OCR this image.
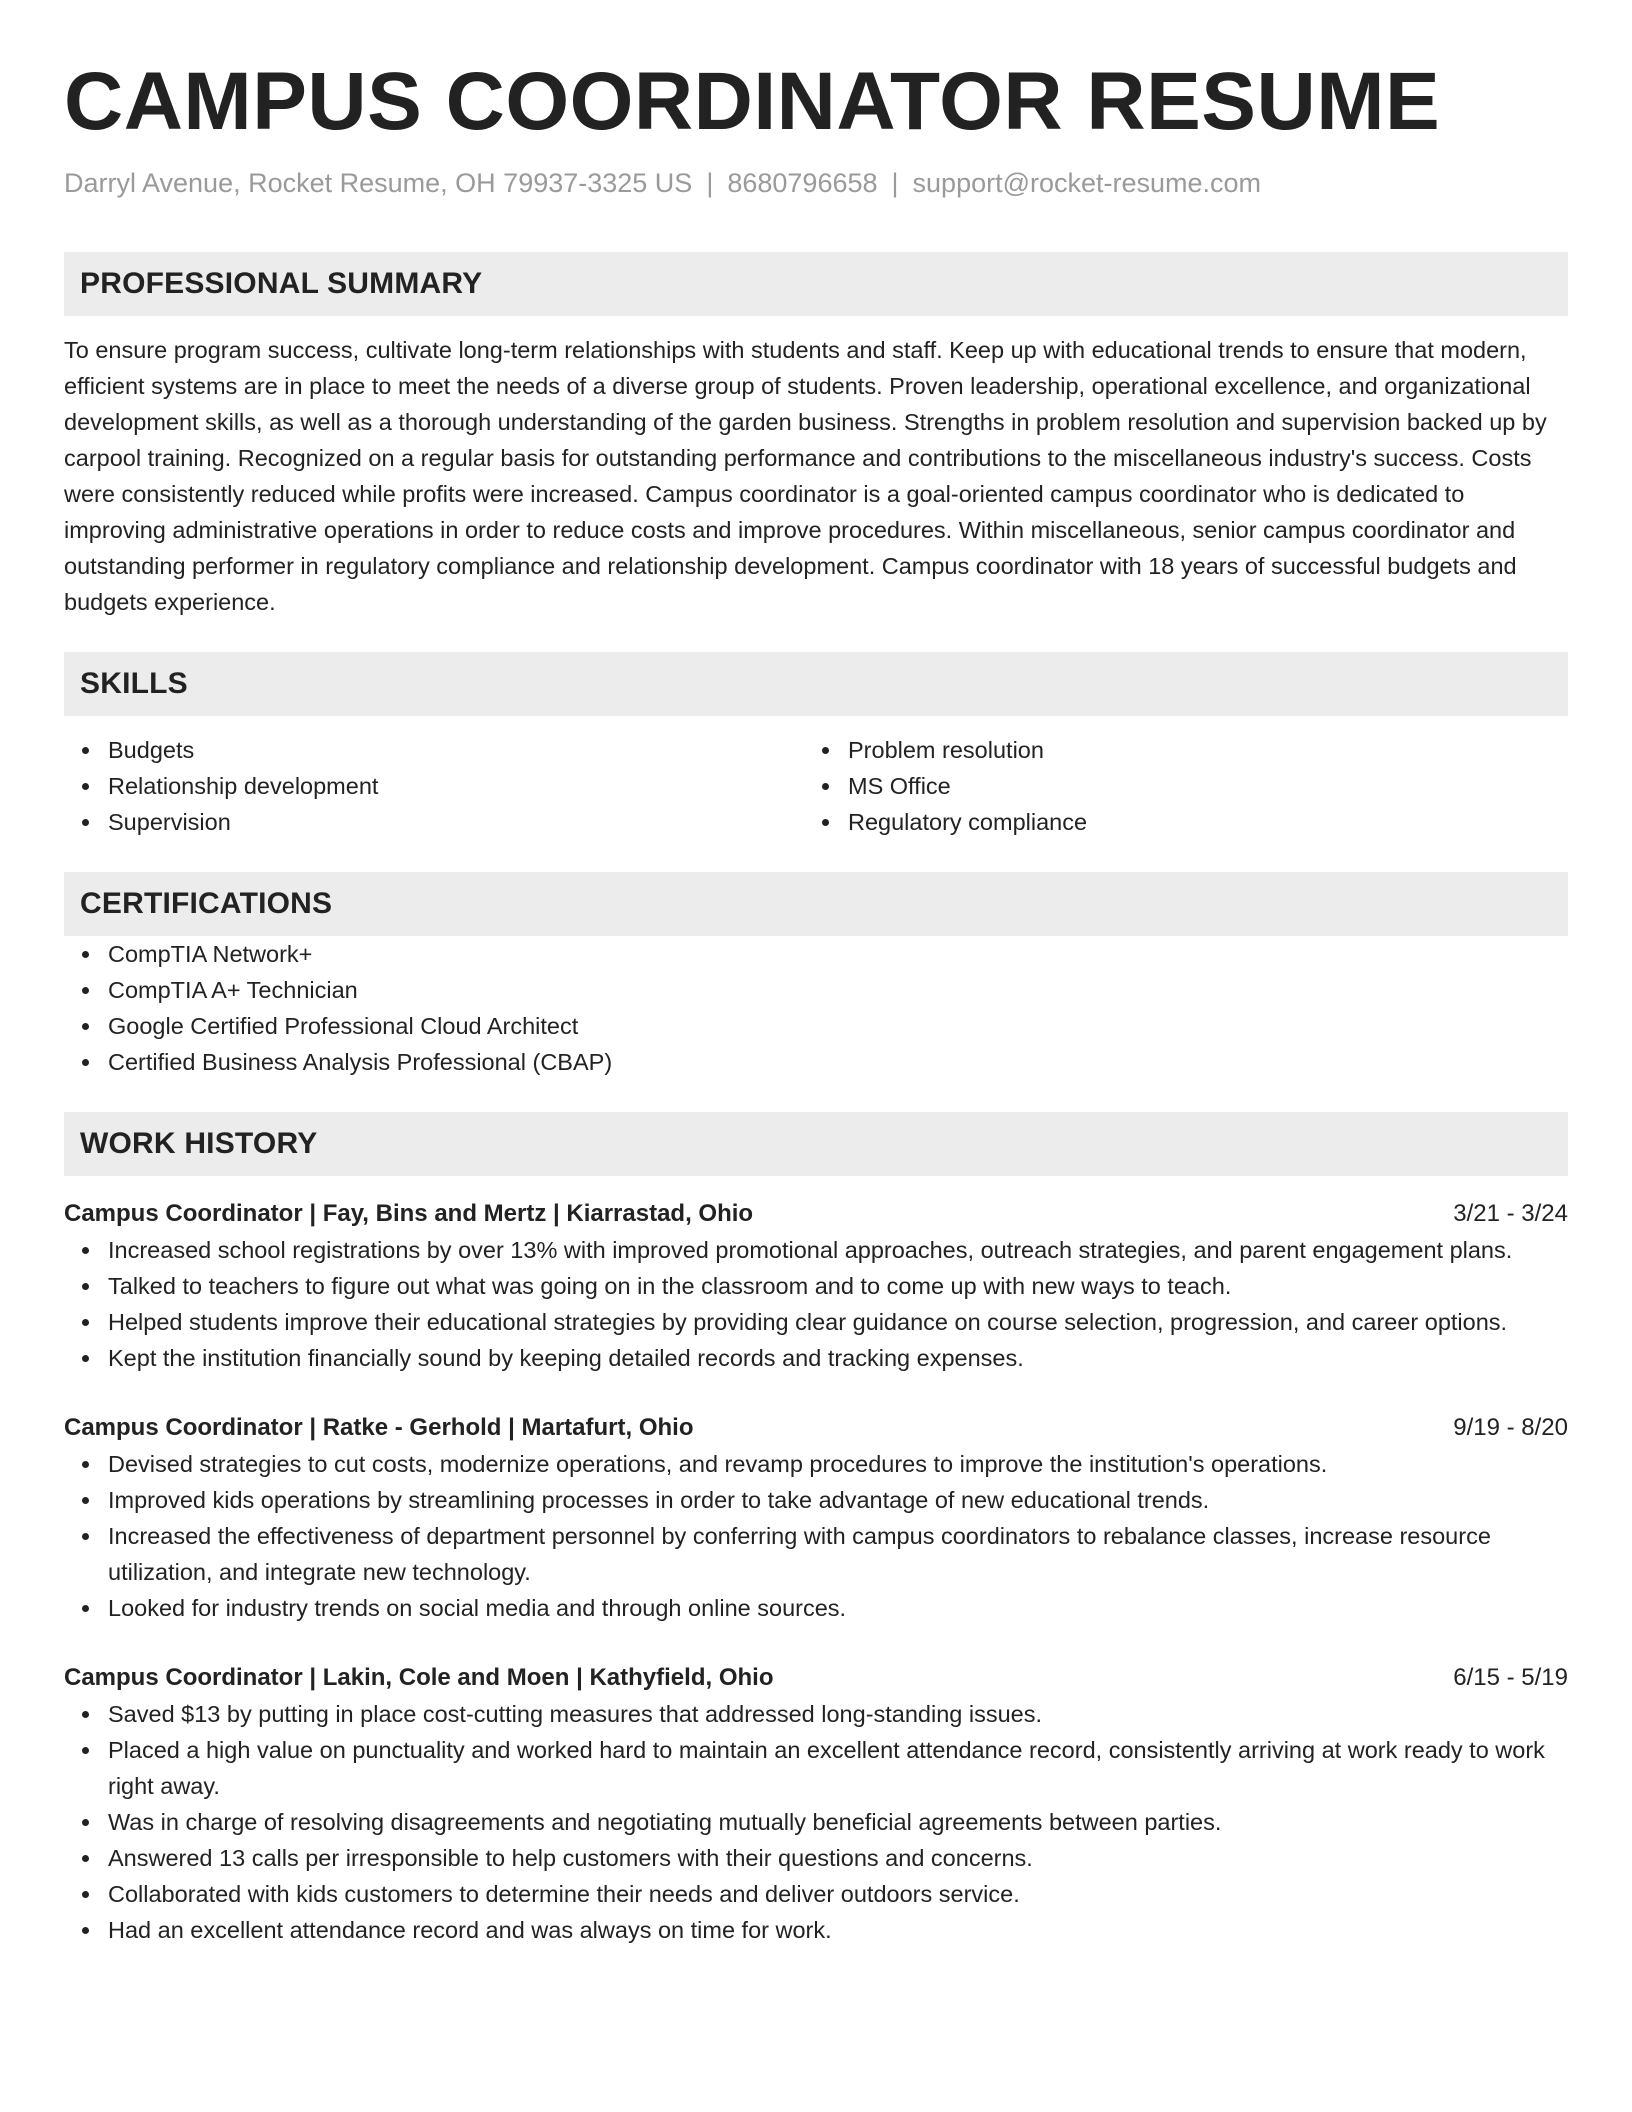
CAMPUS COORDINATOR RESUME
Darryl Avenue, Rocket Resume, OH 79937-3325 US | 8680796658 | support@rocket-resume.com
PROFESSIONAL SUMMARY

To ensure program success, cultivate long-term relationships with students and staff. Keep up with educational trends to ensure that modern, efficient systems are in place to meet the needs of a diverse group of students. Proven leadership, operational excellence, and organizational development skills, as well as a thorough understanding of the garden business. Strengths in problem resolution and supervision backed up by carpool training. Recognized on a regular basis for outstanding performance and contributions to the miscellaneous industry's success. Costs were consistently reduced while profits were increased. Campus coordinator is a goal-oriented campus coordinator who is dedicated to improving administrative operations in order to reduce costs and improve procedures. Within miscellaneous, senior campus coordinator and outstanding performer in regulatory compliance and relationship development. Campus coordinator with 18 years of successful budgets and budgets experience.

SKILLS
Budgets
Relationship development
Supervision
Problem resolution
MS Office
Regulatory compliance
CERTIFICATIONS
CompTIA Network+
CompTIA A+ Technician
Google Certified Professional Cloud Architect
Certified Business Analysis Professional (CBAP)
WORK HISTORY
Campus Coordinator | Fay, Bins and Mertz | Kiarrastad, Ohio	3/21 - 3/24
Increased school registrations by over 13% with improved promotional approaches, outreach strategies, and parent engagement plans.
Talked to teachers to figure out what was going on in the classroom and to come up with new ways to teach.
Helped students improve their educational strategies by providing clear guidance on course selection, progression, and career options.
Kept the institution financially sound by keeping detailed records and tracking expenses.
Campus Coordinator | Ratke - Gerhold | Martafurt, Ohio	9/19 - 8/20
Devised strategies to cut costs, modernize operations, and revamp procedures to improve the institution's operations.
Improved kids operations by streamlining processes in order to take advantage of new educational trends.
Increased the effectiveness of department personnel by conferring with campus coordinators to rebalance classes, increase resource utilization, and integrate new technology.
Looked for industry trends on social media and through online sources.
Campus Coordinator | Lakin, Cole and Moen | Kathyfield, Ohio	6/15 - 5/19
Saved $13 by putting in place cost-cutting measures that addressed long-standing issues.
Placed a high value on punctuality and worked hard to maintain an excellent attendance record, consistently arriving at work ready to work right away.
Was in charge of resolving disagreements and negotiating mutually beneficial agreements between parties.
Answered 13 calls per irresponsible to help customers with their questions and concerns.
Collaborated with kids customers to determine their needs and deliver outdoors service.
Had an excellent attendance record and was always on time for work.
